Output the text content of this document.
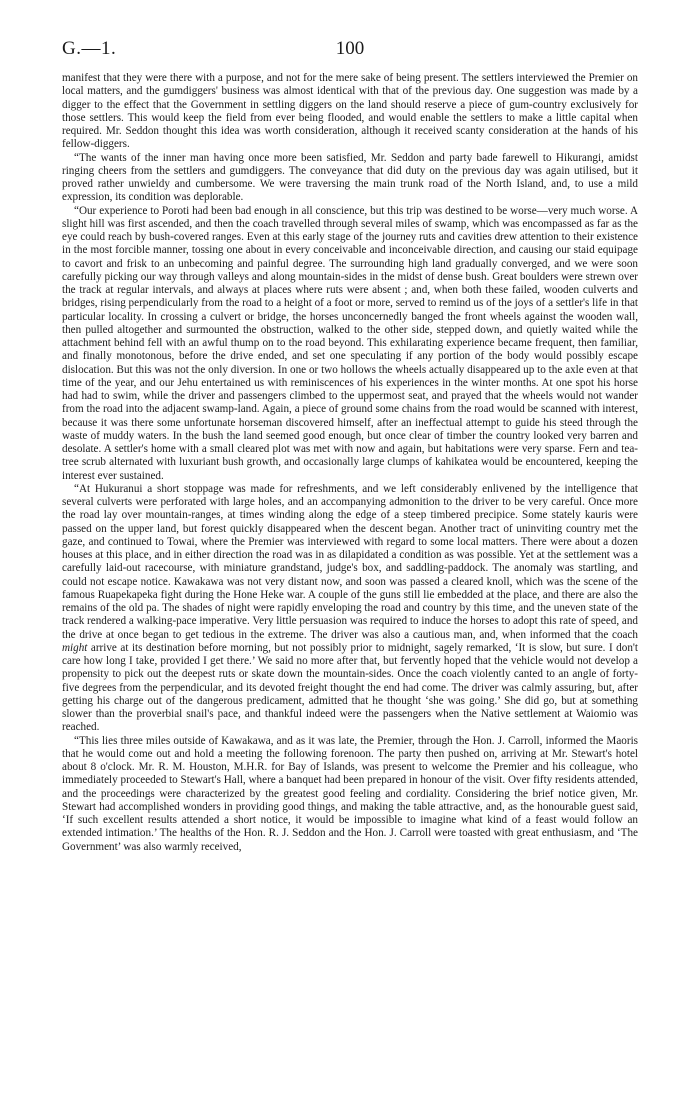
G.—1.	100

manifest that they were there with a purpose, and not for the mere sake of being present. The settlers interviewed the Premier on local matters, and the gumdiggers' business was almost identical with that of the previous day. One suggestion was made by a digger to the effect that the Government in settling diggers on the land should reserve a piece of gum-country exclusively for those settlers. This would keep the field from ever being flooded, and would enable the settlers to make a little capital when required. Mr. Seddon thought this idea was worth consideration, although it received scanty consideration at the hands of his fellow-diggers.

“The wants of the inner man having once more been satisfied, Mr. Seddon and party bade farewell to Hikurangi, amidst ringing cheers from the settlers and gumdiggers. The conveyance that did duty on the previous day was again utilised, but it proved rather unwieldy and cumbersome. We were traversing the main trunk road of the North Island, and, to use a mild expression, its condition was deplorable.

“Our experience to Poroti had been bad enough in all conscience, but this trip was destined to be worse—very much worse. A slight hill was first ascended, and then the coach travelled through several miles of swamp, which was encompassed as far as the eye could reach by bush-covered ranges. Even at this early stage of the journey ruts and cavities drew attention to their existence in the most forcible manner, tossing one about in every conceivable and inconceivable direction, and causing our staid equipage to cavort and frisk to an unbecoming and painful degree. The surrounding high land gradually converged, and we were soon carefully picking our way through valleys and along mountain-sides in the midst of dense bush. Great boulders were strewn over the track at regular intervals, and always at places where ruts were absent ; and, when both these failed, wooden culverts and bridges, rising perpendicularly from the road to a height of a foot or more, served to remind us of the joys of a settler's life in that particular locality. In crossing a culvert or bridge, the horses unconcernedly banged the front wheels against the wooden wall, then pulled altogether and surmounted the obstruction, walked to the other side, stepped down, and quietly waited while the attachment behind fell with an awful thump on to the road beyond. This exhilarating experience became frequent, then familiar, and finally monotonous, before the drive ended, and set one speculating if any portion of the body would possibly escape dislocation. But this was not the only diversion. In one or two hollows the wheels actually disappeared up to the axle even at that time of the year, and our Jehu entertained us with reminiscences of his experiences in the winter months. At one spot his horse had had to swim, while the driver and passengers climbed to the uppermost seat, and prayed that the wheels would not wander from the road into the adjacent swamp-land. Again, a piece of ground some chains from the road would be scanned with interest, because it was there some unfortunate horseman discovered himself, after an ineffectual attempt to guide his steed through the waste of muddy waters. In the bush the land seemed good enough, but once clear of timber the country looked very barren and desolate. A settler's home with a small cleared plot was met with now and again, but habitations were very sparse. Fern and tea-tree scrub alternated with luxuriant bush growth, and occasionally large clumps of kahikatea would be encountered, keeping the interest ever sustained.

“At Hukuranui a short stoppage was made for refreshments, and we left considerably enlivened by the intelligence that several culverts were perforated with large holes, and an accompanying admonition to the driver to be very careful. Once more the road lay over mountain-ranges, at times winding along the edge of a steep timbered precipice. Some stately kauris were passed on the upper land, but forest quickly disappeared when the descent began. Another tract of uninviting country met the gaze, and continued to Towai, where the Premier was interviewed with regard to some local matters. There were about a dozen houses at this place, and in either direction the road was in as dilapidated a condition as was possible. Yet at the settlement was a carefully laid-out racecourse, with miniature grandstand, judge's box, and saddling-paddock. The anomaly was startling, and could not escape notice. Kawakawa was not very distant now, and soon was passed a cleared knoll, which was the scene of the famous Ruapekapeka fight during the Hone Heke war. A couple of the guns still lie embedded at the place, and there are also the remains of the old pa. The shades of night were rapidly enveloping the road and country by this time, and the uneven state of the track rendered a walking-pace imperative. Very little persuasion was required to induce the horses to adopt this rate of speed, and the drive at once began to get tedious in the extreme. The driver was also a cautious man, and, when informed that the coach might arrive at its destination before morning, but not possibly prior to midnight, sagely remarked, ‘It is slow, but sure. I don't care how long I take, provided I get there.’ We said no more after that, but fervently hoped that the vehicle would not develop a propensity to pick out the deepest ruts or skate down the mountain-sides. Once the coach violently canted to an angle of forty-five degrees from the perpendicular, and its devoted freight thought the end had come. The driver was calmly assuring, but, after getting his charge out of the dangerous predicament, admitted that he thought ‘she was going.’ She did go, but at something slower than the proverbial snail's pace, and thankful indeed were the passengers when the Native settlement at Waiomio was reached.

“This lies three miles outside of Kawakawa, and as it was late, the Premier, through the Hon. J. Carroll, informed the Maoris that he would come out and hold a meeting the following forenoon. The party then pushed on, arriving at Mr. Stewart's hotel about 8 o'clock. Mr. R. M. Houston, M.H.R. for Bay of Islands, was present to welcome the Premier and his colleague, who immediately proceeded to Stewart's Hall, where a banquet had been prepared in honour of the visit. Over fifty residents attended, and the proceedings were characterized by the greatest good feeling and cordiality. Considering the brief notice given, Mr. Stewart had accomplished wonders in providing good things, and making the table attractive, and, as the honourable guest said, ‘If such excellent results attended a short notice, it would be impossible to imagine what kind of a feast would follow an extended intimation.’ The healths of the Hon. R. J. Seddon and the Hon. J. Carroll were toasted with great enthusiasm, and ‘The Government’ was also warmly received,
